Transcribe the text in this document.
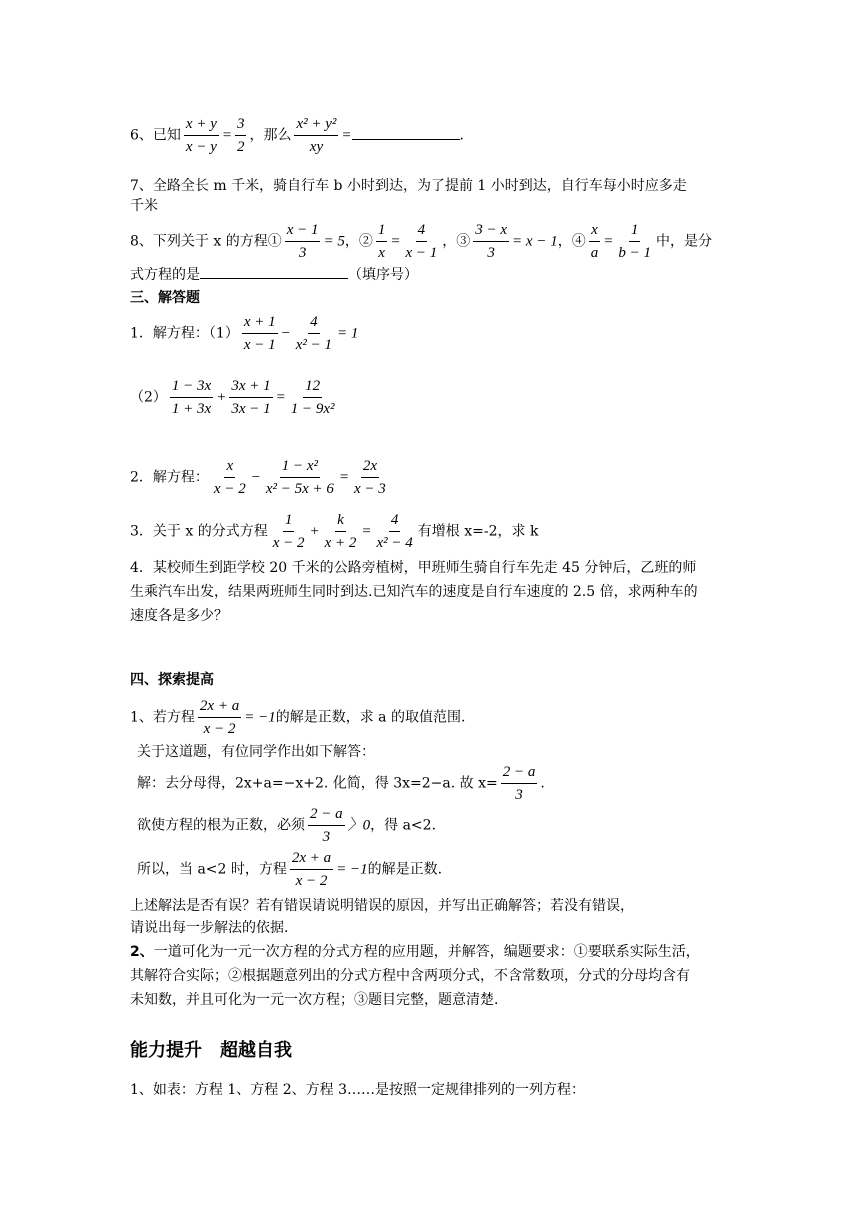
6、已知 $\frac{x + y}{x - y} = \frac{3}{2}$ ，那么 $\frac{\text{x² + y²}}{xy}$ =	.
7、全路全长 m 千米，骑自行车 b 小时到达，为了提前 1 小时到达，自行车每小时应多走
千米
8、下列关于 x 的方程① $\frac{x - 1}{3} = 5$，② $\frac{1}{x} = \frac{4}{x - 1}$ ，③ $\frac{3 - x}{3} = x - 1$，④ $\frac{x}{a} = \frac{1}{b - 1}$ 中，是分
式方程的是	（填序号）
三、解答题
1．解方程：$(1) \frac{x + 1}{x - 1} - \frac{4}{\text{x² − 1}} = 1$
$(2) \frac{1 - 3x}{1 + 3x} + \frac{3x + 1}{3x - 1} = \frac{12}{\text{1 − 9x²}}$
2．解方程： $\frac{x}{x - 2} - \frac{\text{1 − x²}}{\text{x² − 5x + 6}} = \frac{2x}{x - 3}$
3．关于 x 的分式方程 $\frac{1}{x - 2} + \frac{k}{x + 2} = \frac{4}{\text{x² − 4}}$ 有增根 x=-2，求 k
4．某校师生到距学校 20 千米的公路旁植树，甲班师生骑自行车先走 45 分钟后，乙班的师
生乘汽车出发，结果两班师生同时到达.已知汽车的速度是自行车速度的 2.5 倍，求两种车的
速度各是多少？
四、探索提高
1、若方程 $\frac{2x + a}{x - 2} = -1$的解是正数，求 a 的取值范围.
关于这道题，有位同学作出如下解答：
解：去分母得，2x+a=−x+2. 化简，得 3x=2−a. 故 $x= \frac{2 - a}{3}$ .
欲使方程的根为正数，必须 $\frac{2 - a}{3}$ 〉0，得 a<2.
所以，当 a<2 时，方程 $\frac{2x + a}{x - 2} = -1$的解是正数.
上述解法是否有误？若有错误请说明错误的原因，并写出正确解答；若没有错误，
请说出每一步解法的依据.
2、一道可化为一元一次方程的分式方程的应用题，并解答，编题要求：①要联系实际生活，
其解符合实际；②根据题意列出的分式方程中含两项分式，不含常数项，分式的分母均含有
未知数，并且可化为一元一次方程；③题目完整，题意清楚.
能力提升　超越自我
1、如表：方程 1、方程 2、方程 3……是按照一定规律排列的一列方程：
